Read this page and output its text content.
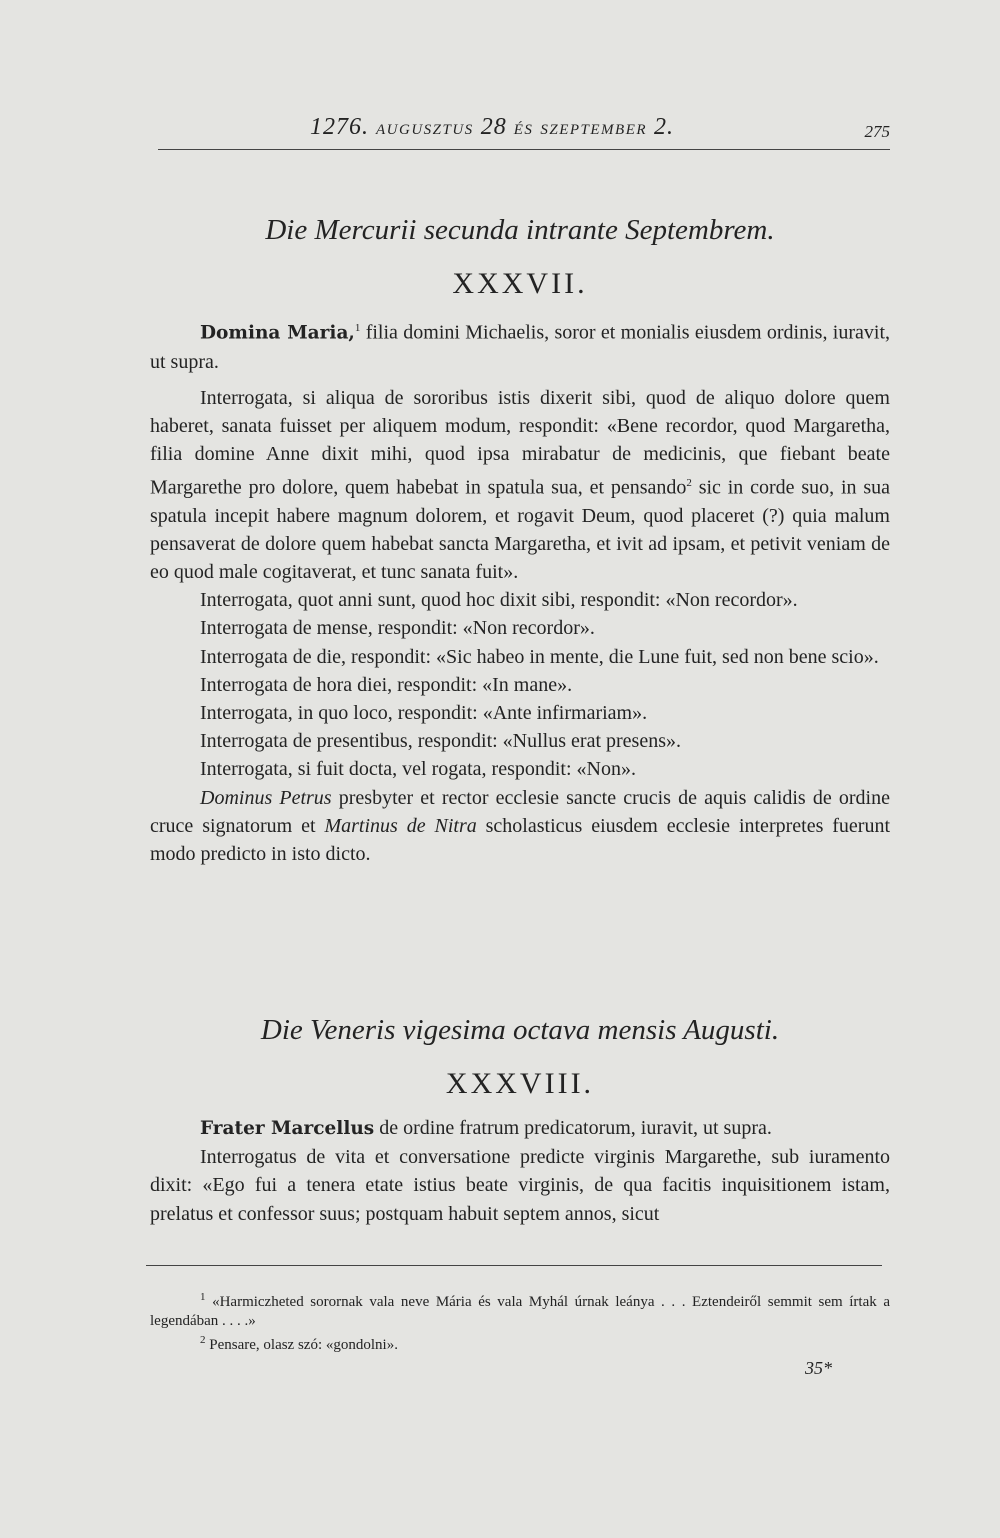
1276. AUGUSZTUS 28 ÉS SZEPTEMBER 2.	275

Die Mercurii secunda intrante Septembrem.

XXXVII.

Domina Maria,$^1$ filia domini Michaelis, soror et monialis eiusdem ordinis, iuravit, ut supra.

Interrogata, si aliqua de sororibus istis dixerit sibi, quod de aliquo dolore quem haberet, sanata fuisset per aliquem modum, respondit: «Bene recordor, quod Margaretha, filia domine Anne dixit mihi, quod ipsa mirabatur de medicinis, que fiebant beate Margarethe pro dolore, quem habebat in spatula sua, et pensando$^2$ sic in corde suo, in sua spatula incepit habere magnum dolorem, et rogavit Deum, quod placeret (?) quia malum pensaverat de dolore quem habebat sancta Margaretha, et ivit ad ipsam, et petivit veniam de eo quod male cogitaverat, et tunc sanata fuit».

Interrogata, quot anni sunt, quod hoc dixit sibi, respondit: «Non recordor».

Interrogata de mense, respondit: «Non recordor».

Interrogata de die, respondit: «Sic habeo in mente, die Lune fuit, sed non bene scio».

Interrogata de hora diei, respondit: «In mane».

Interrogata, in quo loco, respondit: «Ante infirmariam».

Interrogata de presentibus, respondit: «Nullus erat presens».

Interrogata, si fuit docta, vel rogata, respondit: «Non».

Dominus Petrus presbyter et rector ecclesie sancte crucis de aquis calidis de ordine cruce signatorum et Martinus de Nitra scholasticus eiusdem ecclesie interpretes fuerunt modo predicto in isto dicto.

Die Veneris vigesima octava mensis Augusti.

XXXVIII.

Frater Marcellus de ordine fratrum predicatorum, iuravit, ut supra.

Interrogatus de vita et conversatione predicte virginis Margarethe, sub iuramento dixit: «Ego fui a tenera etate istius beate virginis, de qua facitis inquisitionem istam, prelatus et confessor suus; postquam habuit septem annos, sicut

$^1$ «Harmiczheted sorornak vala neve Mária és vala Myhál úrnak leánya . . . Eztendeiről semmit sem írtak a legendában . . . .»

$^2$ Pensare, olasz szó: «gondolni».

35*
